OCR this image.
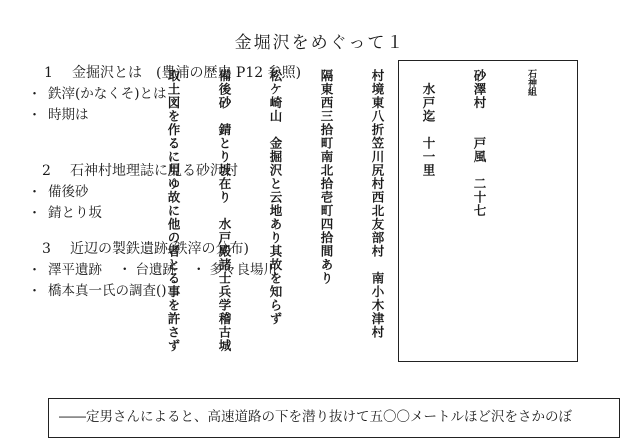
金堀沢をめぐって１
1 金掘沢とは　(豊浦の歴史 P12 参照)
・ 鉄滓(かなくそ)とは
・ 時期は
2 石神村地理誌に見る砂沢村
・ 備後砂
・ 錆とり坂
3 近辺の製鉄遺跡(鉄滓の分布)
・ 澤平遺跡 ・ 台遺跡 ・ 多々良場川
・ 橋本真一氏の調査()

石神組

砂澤村　　戸風　二十七

　水戸迄　十一里

村境東八折笠川尻村西北友部村　南小木津村

隔東西三拾町南北拾壱町四拾間あり

松ケ崎山　金掘沢と云地あり其故を知らず

備後砂　錆とり坂在り　水戸殿諸士兵学稽古城

取土図を作るに用ゆ故に他の者とる事を許さず

――定男さんによると、高速道路の下を潜り抜けて五〇〇メートルほど沢をさかのぼ
